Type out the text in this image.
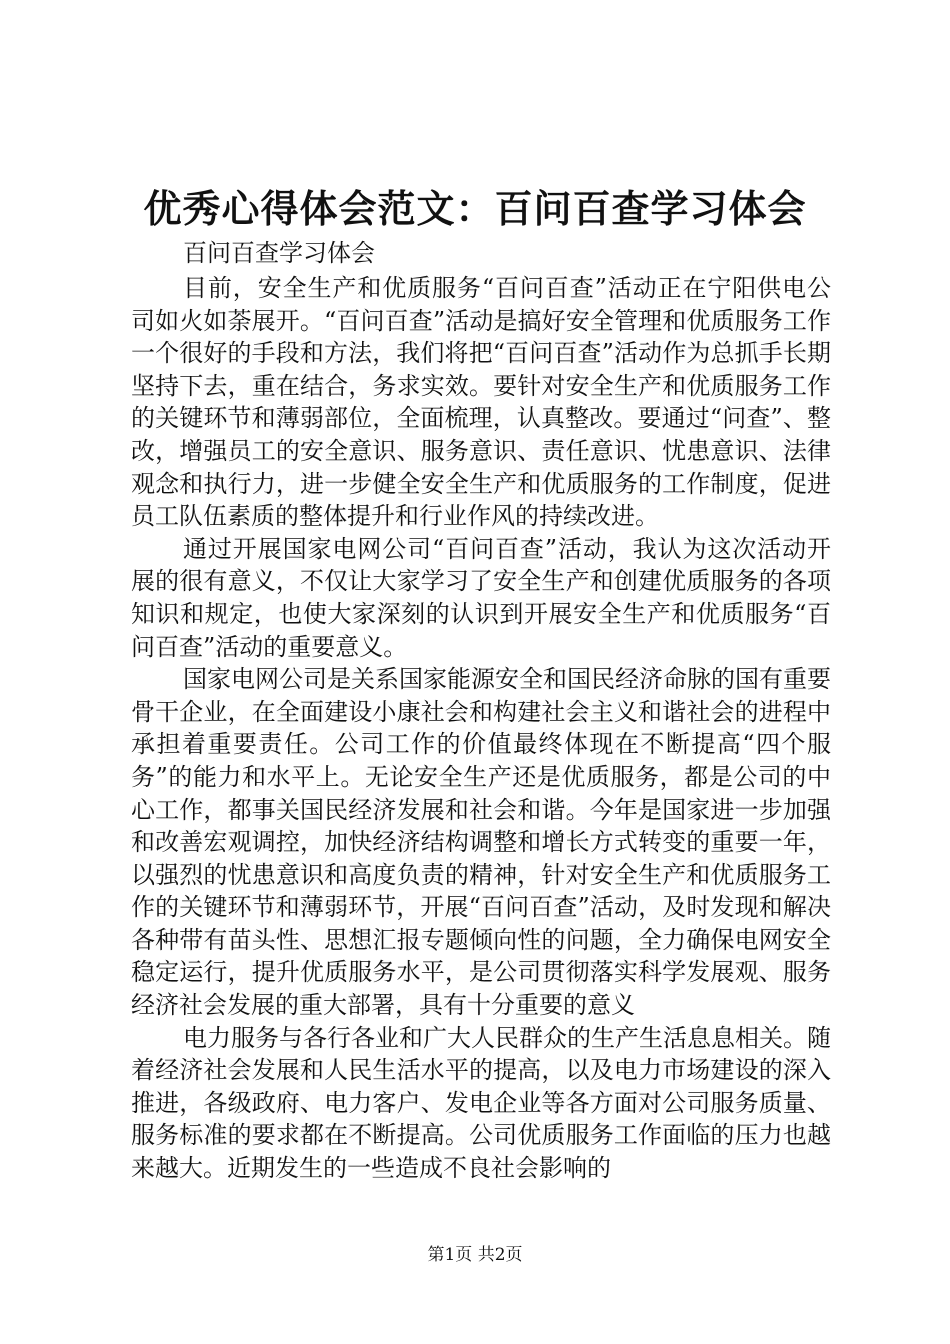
优秀心得体会范文：百问百查学习体会

百问百查学习体会

目前，安全生产和优质服务“百问百查”活动正在宁阳供电公司如火如荼展开。“百问百查”活动是搞好安全管理和优质服务工作一个很好的手段和方法，我们将把“百问百查”活动作为总抓手长期坚持下去，重在结合，务求实效。要针对安全生产和优质服务工作的关键环节和薄弱部位，全面梳理，认真整改。要通过“问查”、整改，增强员工的安全意识、服务意识、责任意识、忧患意识、法律观念和执行力，进一步健全安全生产和优质服务的工作制度，促进员工队伍素质的整体提升和行业作风的持续改进。

通过开展国家电网公司“百问百查”活动，我认为这次活动开展的很有意义，不仅让大家学习了安全生产和创建优质服务的各项知识和规定，也使大家深刻的认识到开展安全生产和优质服务“百问百查”活动的重要意义。

国家电网公司是关系国家能源安全和国民经济命脉的国有重要骨干企业，在全面建设小康社会和构建社会主义和谐社会的进程中承担着重要责任。公司工作的价值最终体现在不断提高“四个服务”的能力和水平上。无论安全生产还是优质服务，都是公司的中心工作，都事关国民经济发展和社会和谐。今年是国家进一步加强和改善宏观调控，加快经济结构调整和增长方式转变的重要一年，以强烈的忧患意识和高度负责的精神，针对安全生产和优质服务工作的关键环节和薄弱环节，开展“百问百查”活动，及时发现和解决各种带有苗头性、思想汇报专题倾向性的问题，全力确保电网安全稳定运行，提升优质服务水平，是公司贯彻落实科学发展观、服务经济社会发展的重大部署，具有十分重要的意义

电力服务与各行各业和广大人民群众的生产生活息息相关。随着经济社会发展和人民生活水平的提高，以及电力市场建设的深入推进，各级政府、电力客户、发电企业等各方面对公司服务质量、服务标准的要求都在不断提高。公司优质服务工作面临的压力也越来越大。近期发生的一些造成不良社会影响的

第1页 共2页
